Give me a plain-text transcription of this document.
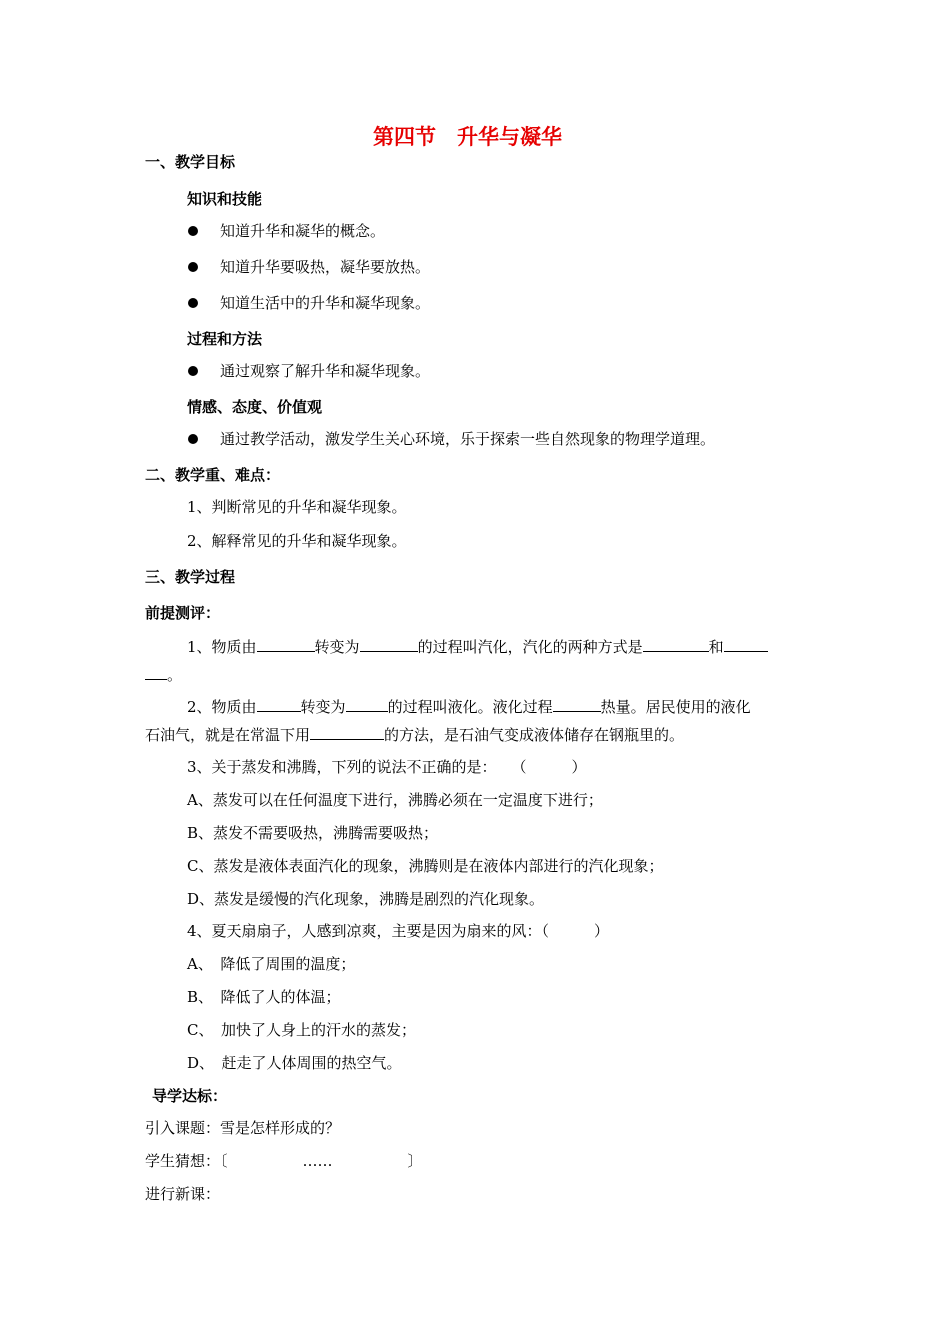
第四节　升华与凝华
一、教学目标
知识和技能
知道升华和凝华的概念。
知道升华要吸热，凝华要放热。
知道生活中的升华和凝华现象。
过程和方法
通过观察了解升华和凝华现象。
情感、态度、价值观
通过教学活动，激发学生关心环境，乐于探索一些自然现象的物理学道理。
二、教学重、难点：
1、判断常见的升华和凝华现象。
2、解释常见的升华和凝华现象。
三、教学过程
前提测评：
1、物质由	转变为	的过程叫汽化，汽化的两种方式是	和
。
2、物质由	转变为	的过程叫液化。液化过程	热量。居民使用的液化
石油气，就是在常温下用	的方法，是石油气变成液体储存在钢瓶里的。
3、关于蒸发和沸腾，下列的说法不正确的是：　　（　　　）
A、蒸发可以在任何温度下进行，沸腾必须在一定温度下进行；
B、蒸发不需要吸热，沸腾需要吸热；
C、蒸发是液体表面汽化的现象，沸腾则是在液体内部进行的汽化现象；
D、蒸发是缓慢的汽化现象，沸腾是剧烈的汽化现象。
4、夏天扇扇子，人感到凉爽，主要是因为扇来的风：（　　　）
A、　降低了周围的温度；
B、　降低了人的体温；
C、　加快了人身上的汗水的蒸发；
D、　赶走了人体周围的热空气。
导学达标：
引入课题：雪是怎样形成的？
学生猜想：〔　　　　　……　　　　　〕
进行新课：
